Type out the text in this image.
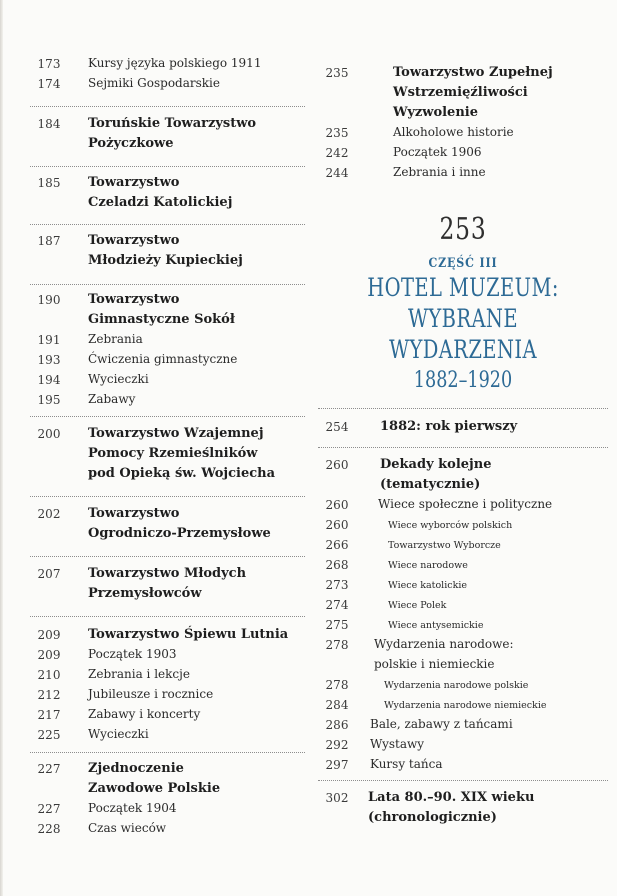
173	Kursy języka polskiego 1911
174	Sejmiki Gospodarskie
184	Toruńskie Towarzystwo
Pożyczkowe
185	Towarzystwo
Czeladzi Katolickiej
187	Towarzystwo
Młodzieży Kupieckiej
190	Towarzystwo
Gimnastyczne Sokół
191	Zebrania
193	Ćwiczenia gimnastyczne
194	Wycieczki
195	Zabawy
200	Towarzystwo Wzajemnej
Pomocy Rzemieślników
pod Opieką św. Wojciecha
202	Towarzystwo
Ogrodniczo-Przemysłowe
207	Towarzystwo Młodych
Przemysłowców
209	Towarzystwo Śpiewu Lutnia
209	Początek 1903
210	Zebrania i lekcje
212	Jubileusze i rocznice
217	Zabawy i koncerty
225	Wycieczki
227	Zjednoczenie
Zawodowe Polskie
227	Początek 1904
228	Czas wieców
235	Towarzystwo Zupełnej
Wstrzemięźliwości
Wyzwolenie
235	Alkoholowe historie
242	Początek 1906
244	Zebrania i inne
254	1882: rok pierwszy
260	Dekady kolejne
(tematycznie)
260	Wiece społeczne i polityczne
260	Wiece wyborców polskich
266	Towarzystwo Wyborcze
268	Wiece narodowe
273	Wiece katolickie
274	Wiece Polek
275	Wiece antysemickie
278	Wydarzenia narodowe:
polskie i niemieckie
278	Wydarzenia narodowe polskie
284	Wydarzenia narodowe niemieckie
286	Bale, zabawy z tańcami
292	Wystawy
297	Kursy tańca
302	Lata 80.–90. XIX wieku
(chronologicznie)
253
CZĘŚĆ III
HOTEL MUZEUM:
WYBRANE
WYDARZENIA
1882–1920
